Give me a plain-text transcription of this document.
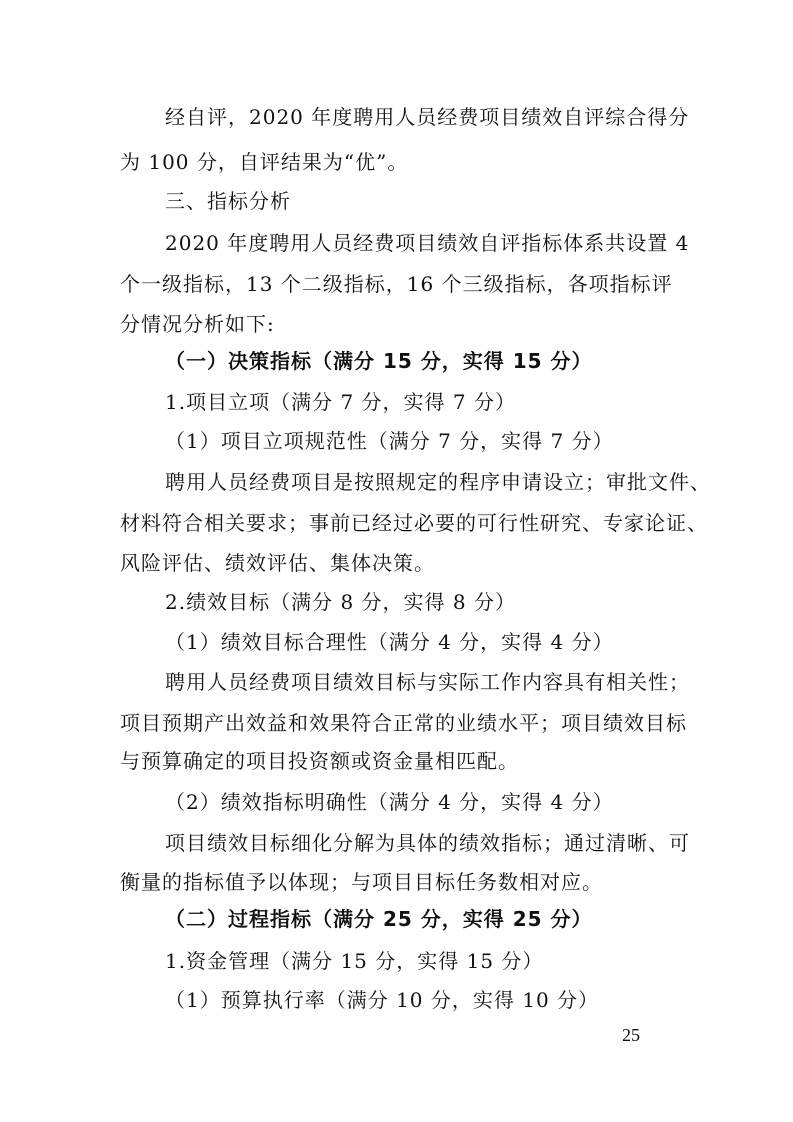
经自评，2020 年度聘用人员经费项目绩效自评综合得分
为 100 分，自评结果为“优”。
三、指标分析
2020 年度聘用人员经费项目绩效自评指标体系共设置 4
个一级指标，13 个二级指标，16 个三级指标，各项指标评
分情况分析如下:
（一）决策指标（满分 15 分，实得 15 分）
1.项目立项（满分 7 分，实得 7 分）
（1）项目立项规范性（满分 7 分，实得 7 分）
聘用人员经费项目是按照规定的程序申请设立；审批文件、
材料符合相关要求；事前已经过必要的可行性研究、专家论证、
风险评估、绩效评估、集体决策。
2.绩效目标（满分 8 分，实得 8 分）
（1）绩效目标合理性（满分 4 分，实得 4 分）
聘用人员经费项目绩效目标与实际工作内容具有相关性；
项目预期产出效益和效果符合正常的业绩水平；项目绩效目标
与预算确定的项目投资额或资金量相匹配。
（2）绩效指标明确性（满分 4 分，实得 4 分）
项目绩效目标细化分解为具体的绩效指标；通过清晰、可
衡量的指标值予以体现；与项目目标任务数相对应。
（二）过程指标（满分 25 分，实得 25 分）
1.资金管理（满分 15 分，实得 15 分）
（1）预算执行率（满分 10 分，实得 10 分）
25
